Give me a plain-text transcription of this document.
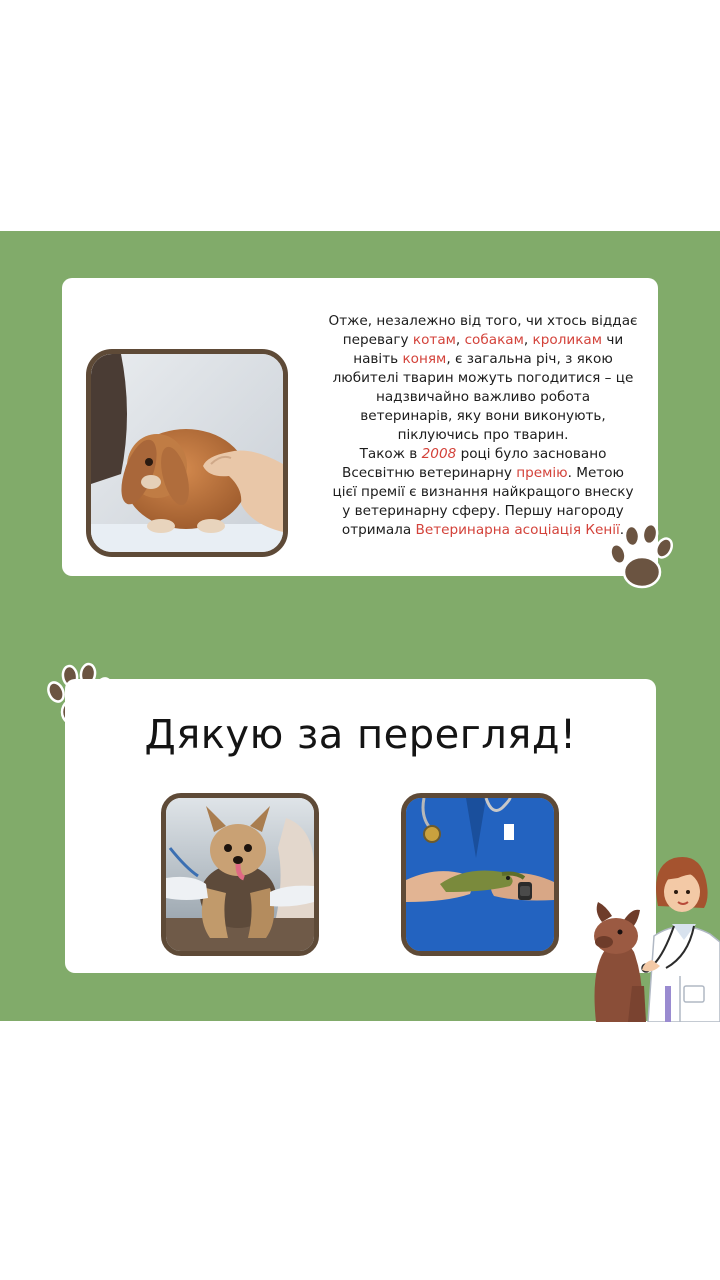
Отже, незалежно від того, чи хтось віддає
перевагу котам, собакам, кроликам чи
навіть коням, є загальна річ, з якою
любителі тварин можуть погодитися – це
надзвичайно важливо робота
ветеринарів, яку вони виконують,
піклуючись про тварин.
Також в 2008 році було засновано
Всесвітню ветеринарну премію. Метою
цієї премії є визнання найкращого внеску
у ветеринарну сферу. Першу нагороду
отримала Ветеринарна асоціація Кенії.
Дякую за перегляд!
